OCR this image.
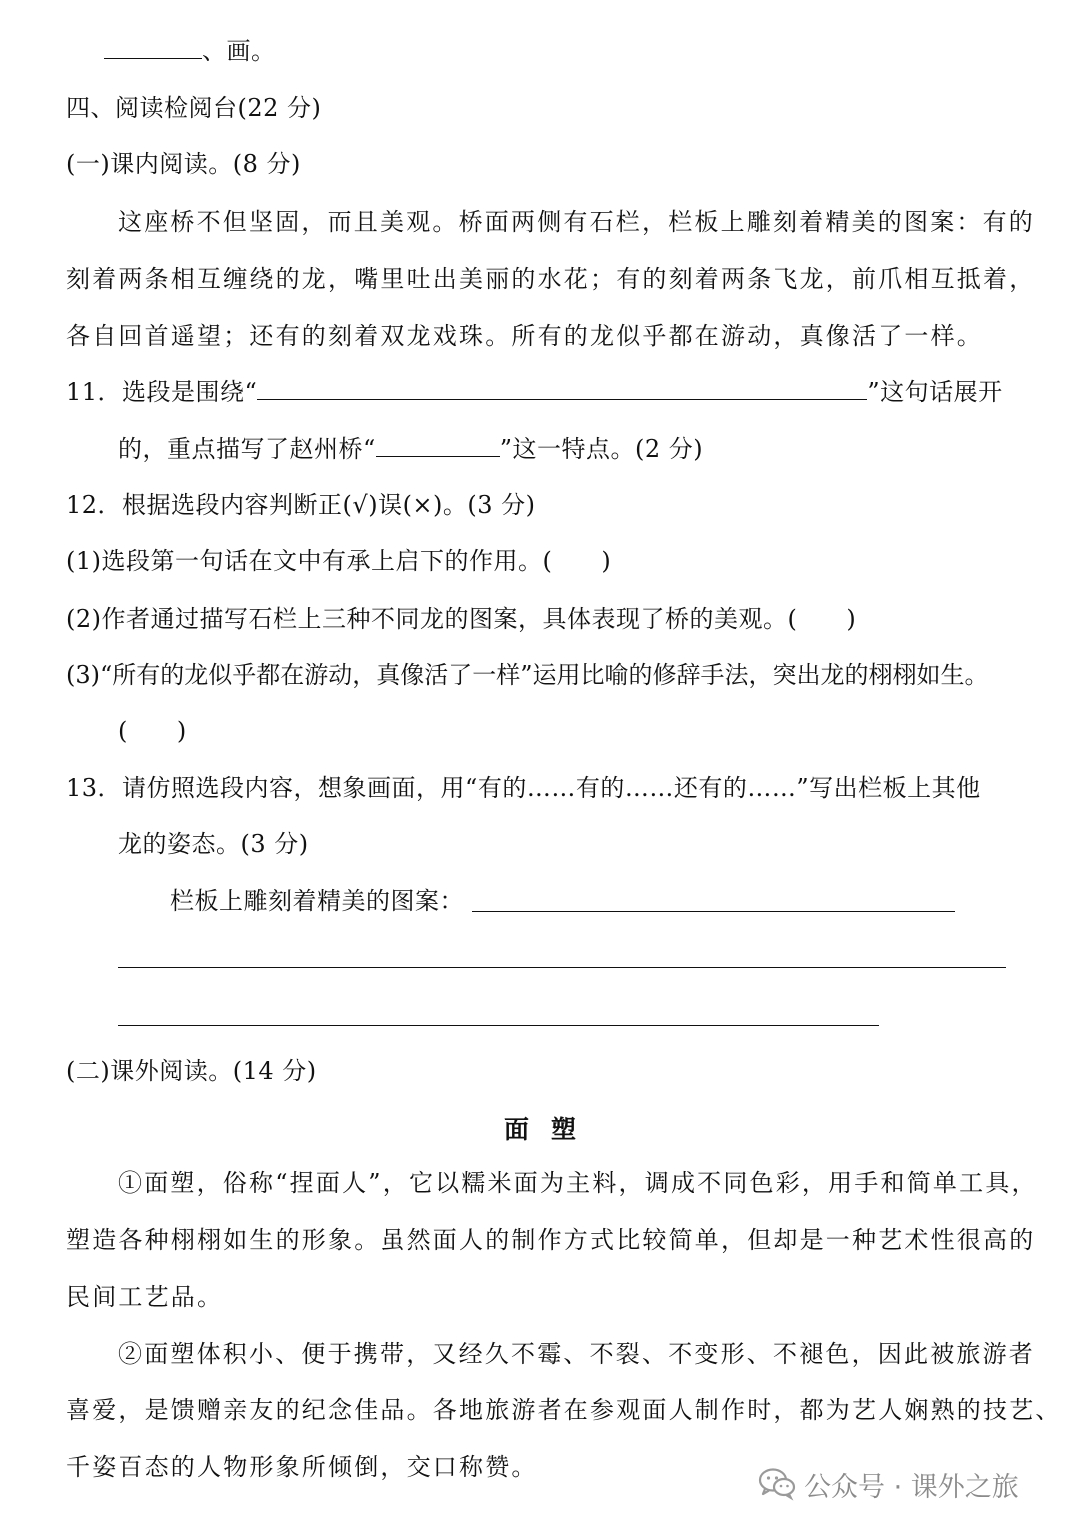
、画。
四、阅读检阅台(22 分)
(一)课内阅读。(8 分)
这座桥不但坚固，而且美观。桥面两侧有石栏，栏板上雕刻着精美的图案：有的
刻着两条相互缠绕的龙，嘴里吐出美丽的水花；有的刻着两条飞龙，前爪相互抵着，
各自回首遥望；还有的刻着双龙戏珠。所有的龙似乎都在游动，真像活了一样。
11．选段是围绕“	”这句话展开
的，重点描写了赵州桥“	”这一特点。(2 分)
12．根据选段内容判断正(√)误(×)。(3 分)
(1)选段第一句话在文中有承上启下的作用。(　　)
(2)作者通过描写石栏上三种不同龙的图案，具体表现了桥的美观。(　　)
(3)“所有的龙似乎都在游动，真像活了一样”运用比喻的修辞手法，突出龙的栩栩如生。
(　　)
13．请仿照选段内容，想象画面，用“有的……有的……还有的……”写出栏板上其他
龙的姿态。(3 分)
栏板上雕刻着精美的图案：
(二)课外阅读。(14 分)
面塑
①面塑，俗称“捏面人”，它以糯米面为主料，调成不同色彩，用手和简单工具，
塑造各种栩栩如生的形象。虽然面人的制作方式比较简单，但却是一种艺术性很高的
民间工艺品。
②面塑体积小、便于携带，又经久不霉、不裂、不变形、不褪色，因此被旅游者
喜爱，是馈赠亲友的纪念佳品。各地旅游者在参观面人制作时，都为艺人娴熟的技艺、
千姿百态的人物形象所倾倒，交口称赞。
公众号 · 课外之旅
